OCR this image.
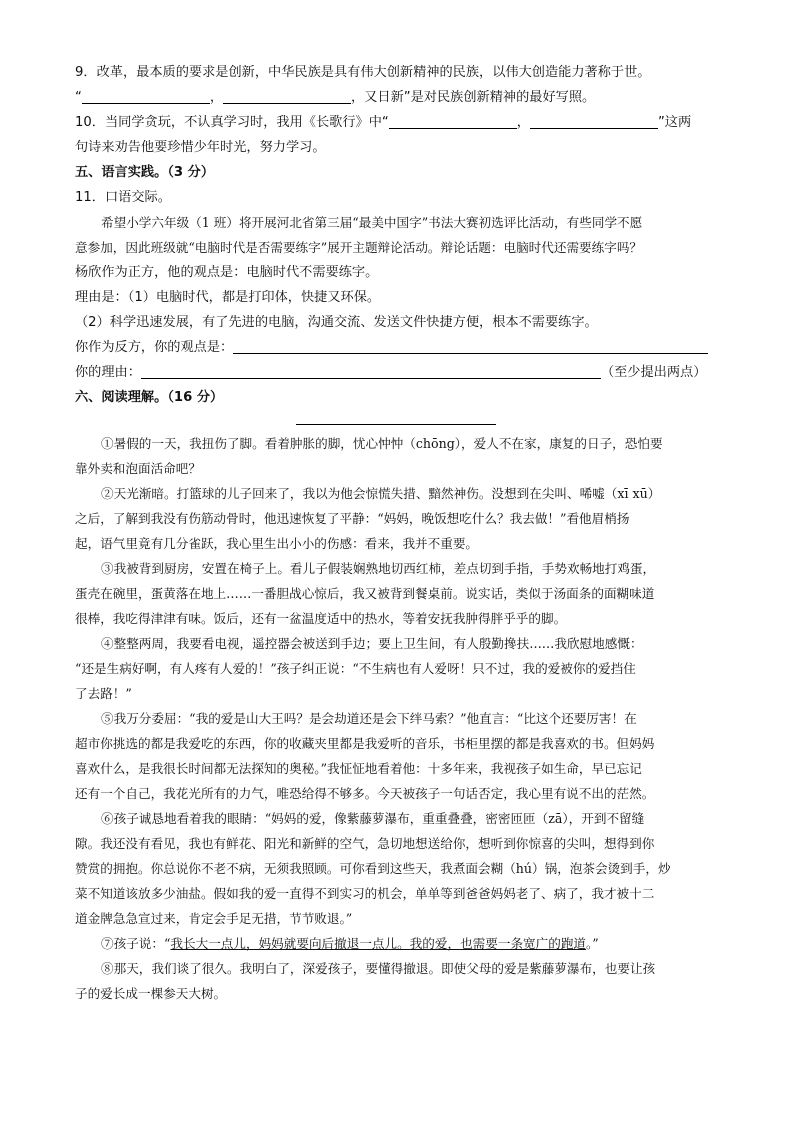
9．改革，最本质的要求是创新，中华民族是具有伟大创新精神的民族，以伟大创造能力著称于世。
“	，	，又日新”是对民族创新精神的最好写照。
10．当同学贪玩，不认真学习时，我用《长歌行》中“	，	”这两
句诗来劝告他要珍惜少年时光，努力学习。
五、语言实践。（3 分）
11．口语交际。
希望小学六年级（1 班）将开展河北省第三届“最美中国字”书法大赛初选评比活动，有些同学不愿
意参加，因此班级就“电脑时代是否需要练字”展开主题辩论活动。辩论话题：电脑时代还需要练字吗？
杨欣作为正方，他的观点是：电脑时代不需要练字。
理由是：（1）电脑时代，都是打印体，快捷又环保。
（2）科学迅速发展，有了先进的电脑，沟通交流、发送文件快捷方便，根本不需要练字。
你作为反方，你的观点是：
你的理由：	（至少提出两点）
六、阅读理解。（16 分）
①暑假的一天，我扭伤了脚。看着肿胀的脚，忧心忡忡（chōng），爱人不在家，康复的日子，恐怕要
靠外卖和泡面活命吧？
②天光渐暗。打篮球的儿子回来了，我以为他会惊慌失措、黯然神伤。没想到在尖叫、唏嘘（xī xū）
之后，了解到我没有伤筋动骨时，他迅速恢复了平静：“妈妈，晚饭想吃什么？我去做！”看他眉梢扬
起，语气里竟有几分雀跃，我心里生出小小的伤感：看来，我并不重要。
③我被背到厨房，安置在椅子上。看儿子假装娴熟地切西红柿，差点切到手指，手势欢畅地打鸡蛋，
蛋壳在碗里，蛋黄落在地上……一番胆战心惊后，我又被背到餐桌前。说实话，类似于汤面条的面糊味道
很棒，我吃得津津有味。饭后，还有一盆温度适中的热水，等着安抚我肿得胖乎乎的脚。
④整整两周，我要看电视，遥控器会被送到手边；要上卫生间，有人殷勤搀扶……我欣慰地感慨：
“还是生病好啊，有人疼有人爱的！”孩子纠正说：“不生病也有人爱呀！只不过，我的爱被你的爱挡住
了去路！”
⑤我万分委屈：“我的爱是山大王吗？是会劫道还是会下绊马索？”他直言：“比这个还要厉害！在
超市你挑选的都是我爱吃的东西，你的收藏夹里都是我爱听的音乐，书柜里摆的都是我喜欢的书。但妈妈
喜欢什么，是我很长时间都无法探知的奥秘。”我怔怔地看着他：十多年来，我视孩子如生命，早已忘记
还有一个自己，我花光所有的力气，唯恐给得不够多。今天被孩子一句话否定，我心里有说不出的茫然。
⑥孩子诚恳地看着我的眼睛：“妈妈的爱，像紫藤萝瀑布，重重叠叠，密密匝匝（zā），开到不留缝
隙。我还没有看见，我也有鲜花、阳光和新鲜的空气，急切地想送给你，想听到你惊喜的尖叫，想得到你
赞赏的拥抱。你总说你不老不病，无须我照顾。可你看到这些天，我煮面会糊（hú）锅，泡茶会烫到手，炒
菜不知道该放多少油盐。假如我的爱一直得不到实习的机会，单单等到爸爸妈妈老了、病了，我才被十二
道金牌急急宣过来，肯定会手足无措，节节败退。”
⑦孩子说：“我长大一点儿，妈妈就要向后撤退一点儿。我的爱，也需要一条宽广的跑道。”
⑧那天，我们谈了很久。我明白了，深爱孩子，要懂得撤退。即使父母的爱是紫藤萝瀑布，也要让孩
子的爱长成一棵参天大树。
